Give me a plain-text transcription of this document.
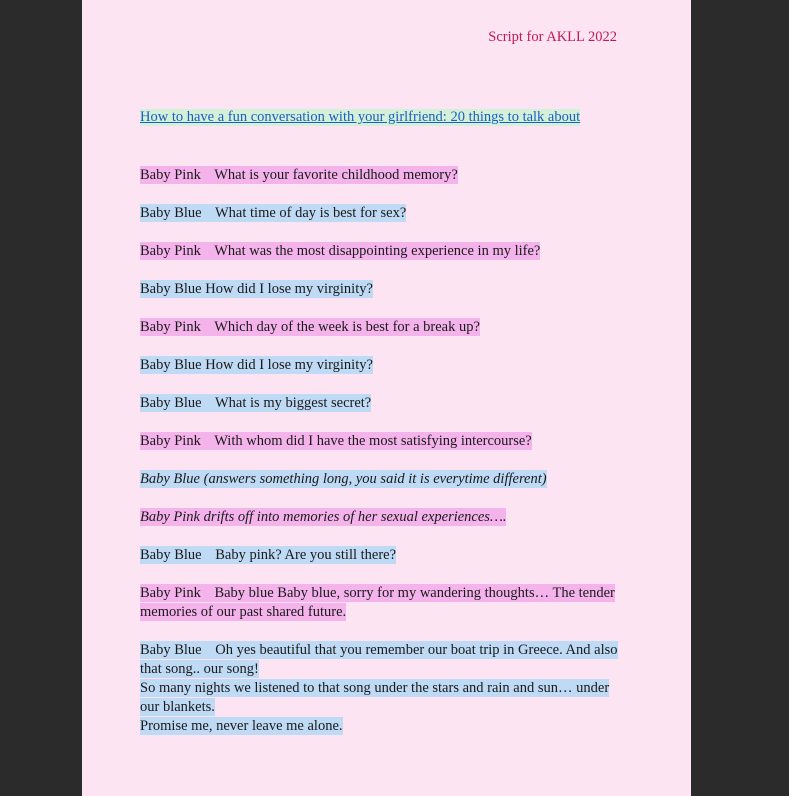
Script for AKLL 2022
How to have a fun conversation with your girlfriend: 20 things to talk about

Baby Pink What is your favorite childhood memory?

Baby Blue What time of day is best for sex?

Baby Pink What was the most disappointing experience in my life?

Baby Blue How did I lose my virginity?

Baby Pink Which day of the week is best for a break up?

Baby Blue How did I lose my virginity?

Baby Blue What is my biggest secret?

Baby Pink With whom did I have the most satisfying intercourse?

Baby Blue (answers something long, you said it is everytime different)

Baby Pink drifts off into memories of her sexual experiences….

Baby Blue Baby pink? Are you still there?

Baby Pink Baby blue Baby blue, sorry for my wandering thoughts… The tender memories of our past shared future.

Baby Blue Oh yes beautiful that you remember our boat trip in Greece. And also that song.. our song!

So many nights we listened to that song under the stars and rain and sun… under our blankets.

Promise me, never leave me alone.
